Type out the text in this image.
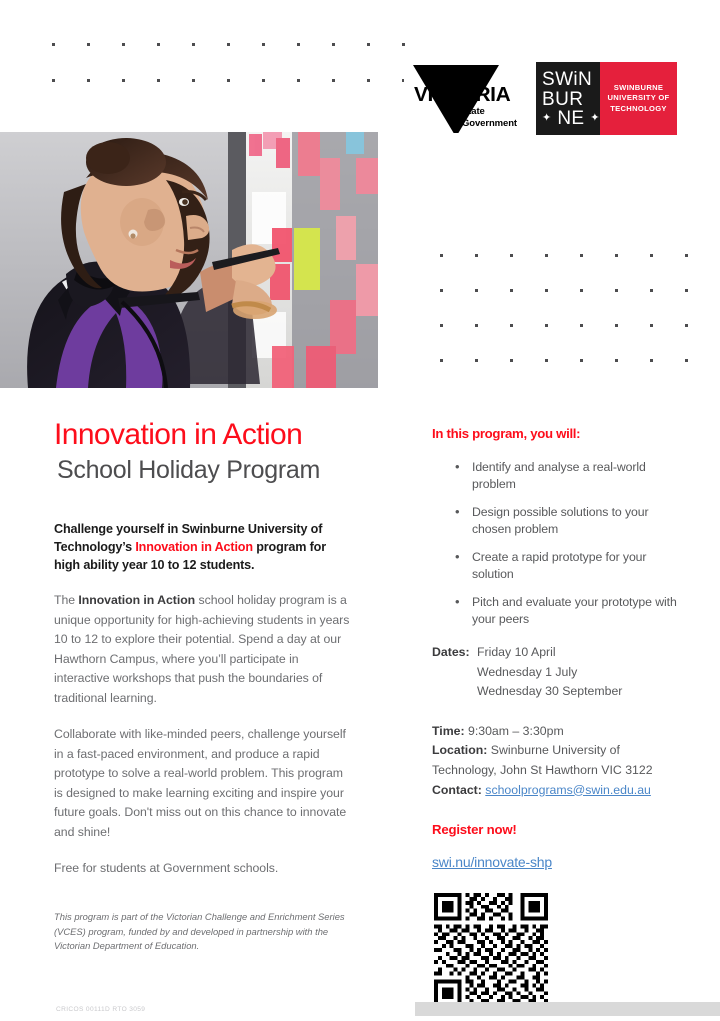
VICTORIA
State
Government
SWiN
BUR
✦ NE ✦
SWINBURNE
UNIVERSITY OF
TECHNOLOGY
Innovation in Action
School Holiday Program

Challenge yourself in Swinburne University of Technology’s Innovation in Action program for high ability year 10 to 12 students.

The Innovation in Action school holiday program is a unique opportunity for high-achieving students in years 10 to 12 to explore their potential. Spend a day at our Hawthorn Campus, where you’ll participate in interactive workshops that push the boundaries of traditional learning.

Collaborate with like-minded peers, challenge yourself in a fast-paced environment, and produce a rapid prototype to solve a real-world problem. This program is designed to make learning exciting and inspire your future goals. Don't miss out on this chance to innovate and shine!

Free for students at Government schools.

This program is part of the Victorian Challenge and Enrichment Series (VCES) program, funded by and developed in partnership with the Victorian Department of Education.

In this program, you will:

• Identify and analyse a real-world problem
• Design possible solutions to your chosen problem
• Create a rapid prototype for your solution
• Pitch and evaluate your prototype with your peers
Dates: Friday 10 April
Wednesday 1 July
Wednesday 30 September
Time: 9:30am – 3:30pm
Location: Swinburne University of Technology, John St Hawthorn VIC 3122
Contact: schoolprograms@swin.edu.au

Register now!

swi.nu/innovate-shp
CRICOS 00111D RTO 3059
